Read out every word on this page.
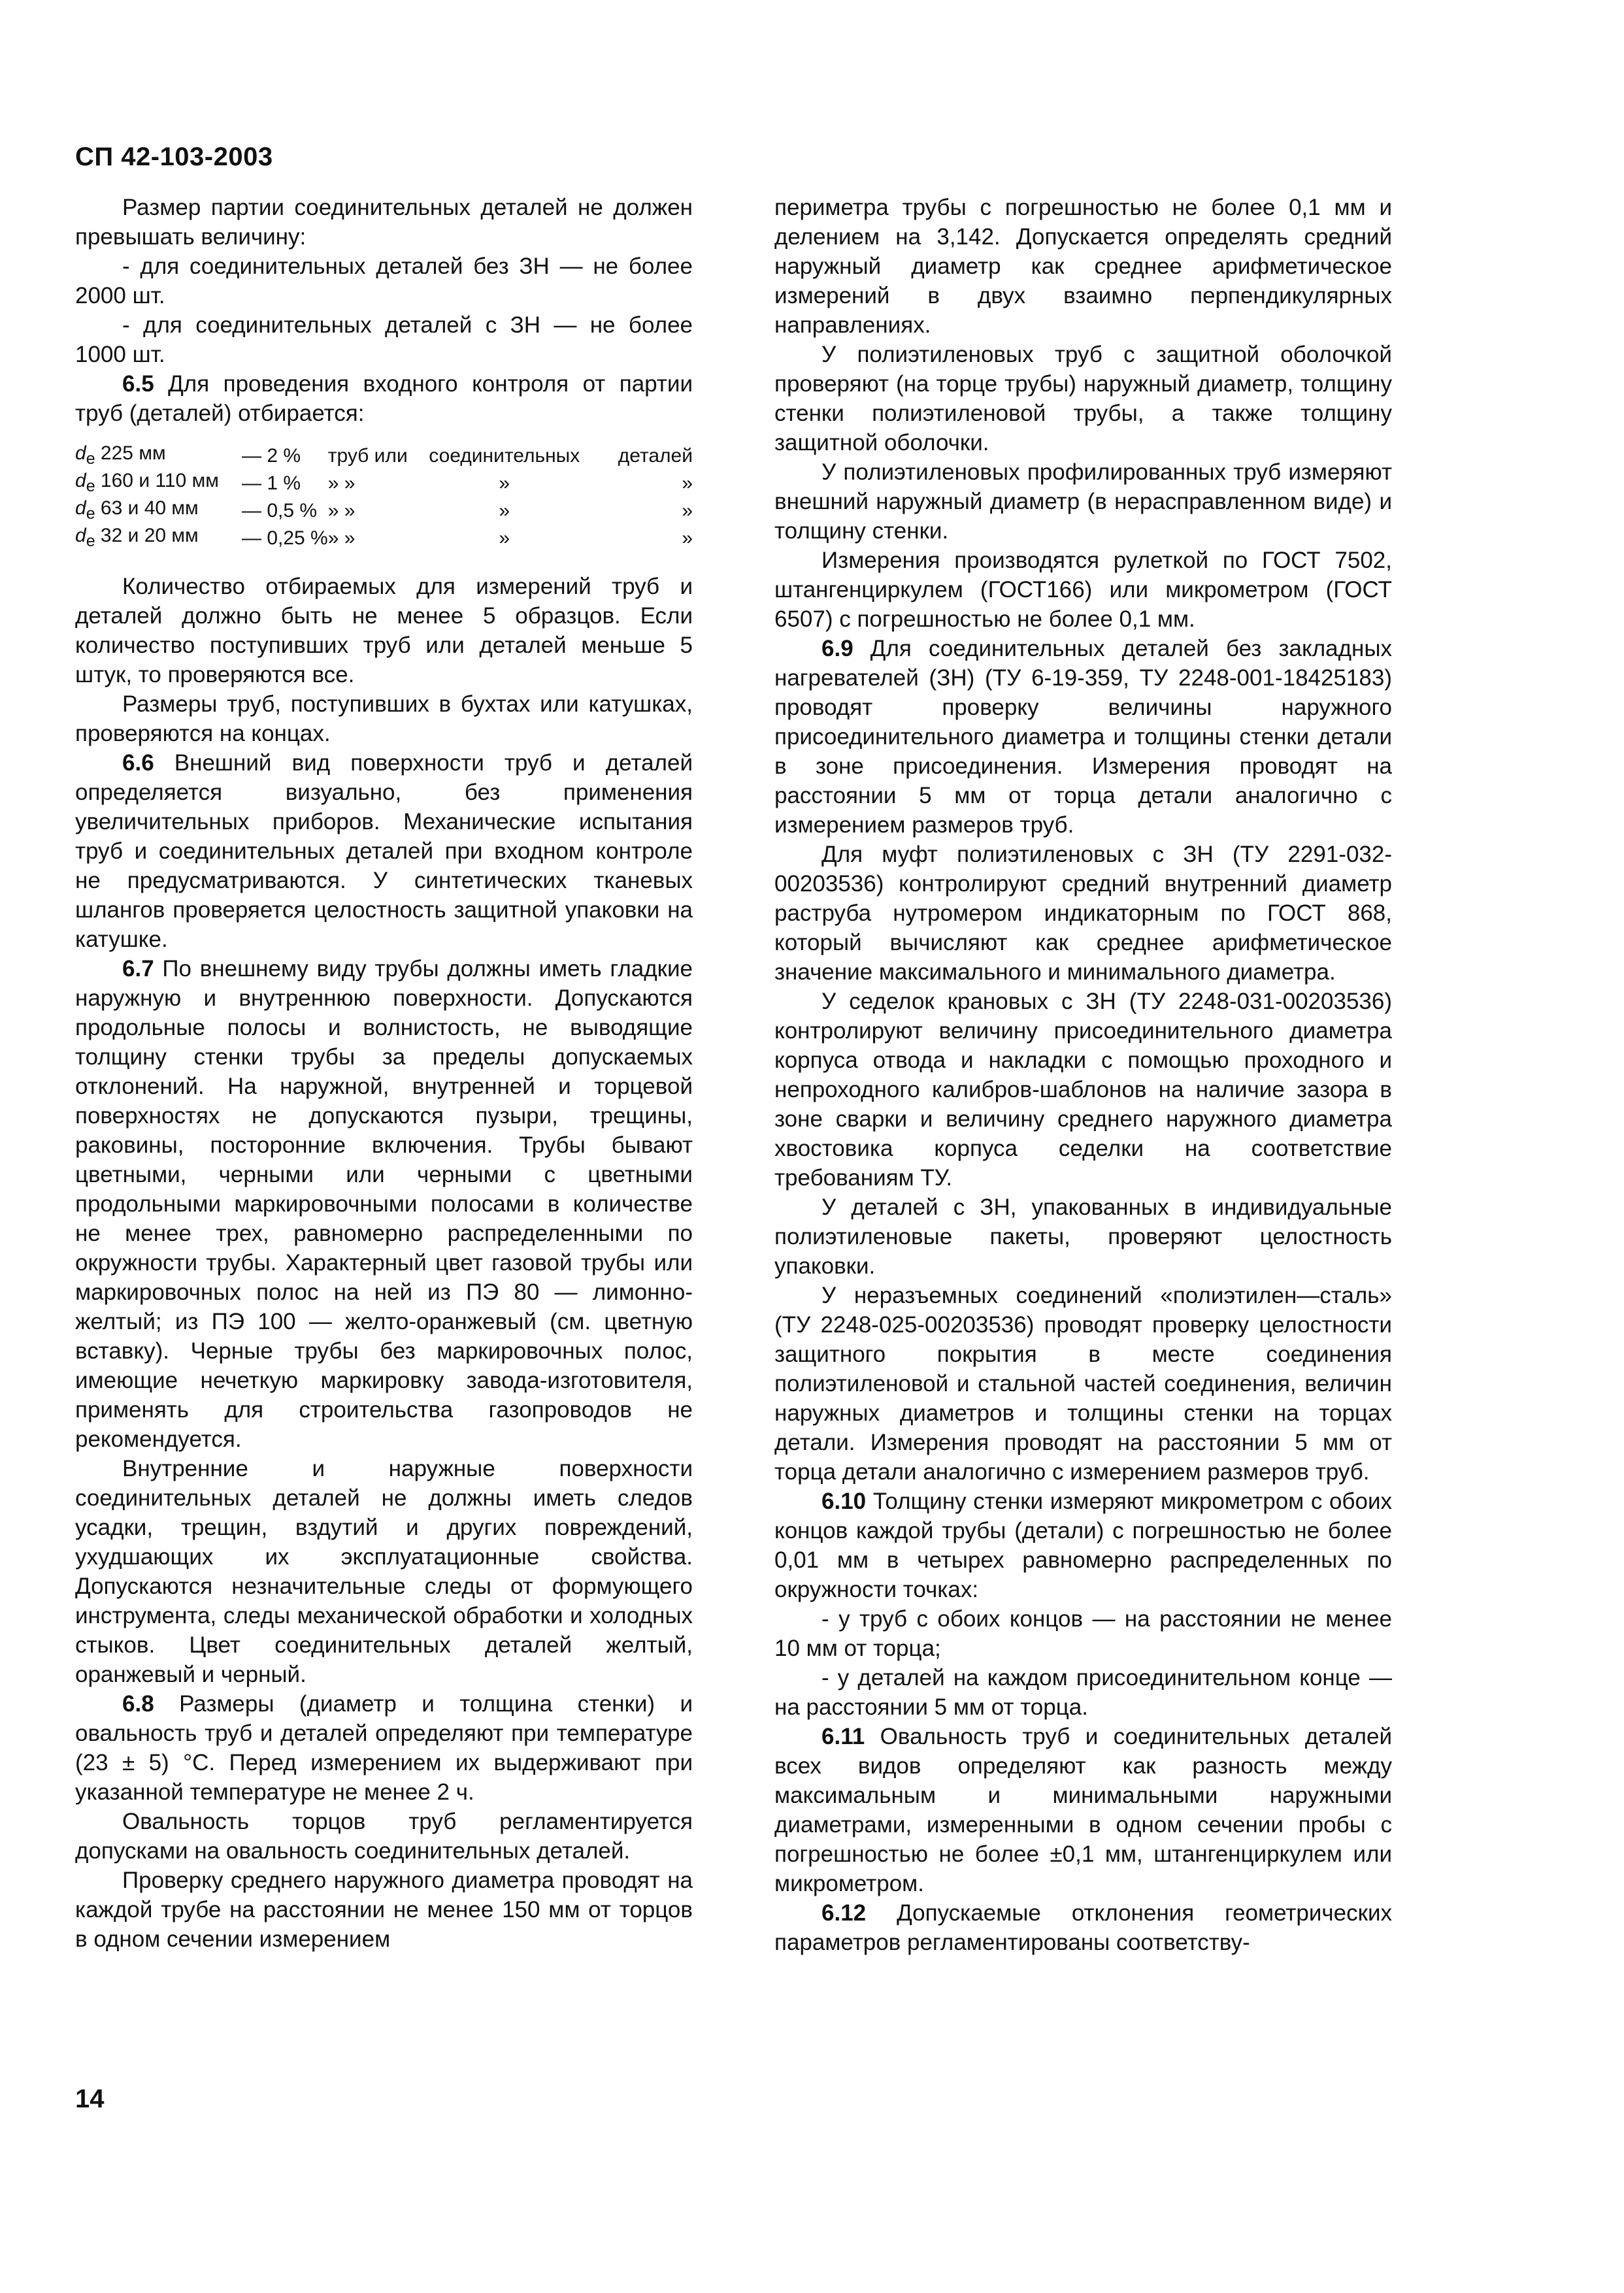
СП 42-103-2003

Размер партии соединительных деталей не должен превышать величину:

- для соединительных деталей без ЗН — не более 2000 шт.

- для соединительных деталей с ЗН — не более 1000 шт.

6.5 Для проведения входного контроля от партии труб (деталей) отбирается:

$d_e$ 225 мм	— 2 %	труб или	соединительных	деталей
$d_e$ 160 и 110 мм	— 1 %	» »	»	»
$d_e$ 63 и 40 мм	— 0,5 %	» »	»	»
$d_e$ 32 и 20 мм	— 0,25 %	» »	»	»

Количество отбираемых для измерений труб и деталей должно быть не менее 5 образцов. Если количество поступивших труб или деталей меньше 5 штук, то проверяются все.

Размеры труб, поступивших в бухтах или катушках, проверяются на концах.

6.6 Внешний вид поверхности труб и деталей определяется визуально, без применения увеличительных приборов. Механические испытания труб и соединительных деталей при входном контроле не предусматриваются. У синтетических тканевых шлангов проверяется целостность защитной упаковки на катушке.

6.7 По внешнему виду трубы должны иметь гладкие наружную и внутреннюю поверхности. Допускаются продольные полосы и волнистость, не выводящие толщину стенки трубы за пределы допускаемых отклонений. На наружной, внутренней и торцевой поверхностях не допускаются пузыри, трещины, раковины, посторонние включения. Трубы бывают цветными, черными или черными с цветными продольными маркировочными полосами в количестве не менее трех, равномерно распределенными по окружности трубы. Характерный цвет газовой трубы или маркировочных полос на ней из ПЭ 80 — лимонно-желтый; из ПЭ 100 — желто-оранжевый (см. цветную вставку). Черные трубы без маркировочных полос, имеющие нечеткую маркировку завода-изготовителя, применять для строительства газопроводов не рекомендуется.

Внутренние и наружные поверхности соединительных деталей не должны иметь следов усадки, трещин, вздутий и других повреждений, ухудшающих их эксплуатационные свойства. Допускаются незначительные следы от формующего инструмента, следы механической обработки и холодных стыков. Цвет соединительных деталей желтый, оранжевый и черный.

6.8 Размеры (диаметр и толщина стенки) и овальность труб и деталей определяют при температуре (23 ± 5) °С. Перед измерением их выдерживают при указанной температуре не менее 2 ч.

Овальность торцов труб регламентируется допусками на овальность соединительных деталей.

Проверку среднего наружного диаметра проводят на каждой трубе на расстоянии не менее 150 мм от торцов в одном сечении измерением

периметра трубы с погрешностью не более 0,1 мм и делением на 3,142. Допускается определять средний наружный диаметр как среднее арифметическое измерений в двух взаимно перпендикулярных направлениях.

У полиэтиленовых труб с защитной оболочкой проверяют (на торце трубы) наружный диаметр, толщину стенки полиэтиленовой трубы, а также толщину защитной оболочки.

У полиэтиленовых профилированных труб измеряют внешний наружный диаметр (в нерасправленном виде) и толщину стенки.

Измерения производятся рулеткой по ГОСТ 7502, штангенциркулем (ГОСТ166) или микрометром (ГОСТ 6507) с погрешностью не более 0,1 мм.

6.9 Для соединительных деталей без закладных нагревателей (ЗН) (ТУ 6-19-359, ТУ 2248-001-18425183) проводят проверку величины наружного присоединительного диаметра и толщины стенки детали в зоне присоединения. Измерения проводят на расстоянии 5 мм от торца детали аналогично с измерением размеров труб.

Для муфт полиэтиленовых с ЗН (ТУ 2291-032-00203536) контролируют средний внутренний диаметр раструба нутромером индикаторным по ГОСТ 868, который вычисляют как среднее арифметическое значение максимального и минимального диаметра.

У седелок крановых с ЗН (ТУ 2248-031-00203536) контролируют величину присоединительного диаметра корпуса отвода и накладки с помощью проходного и непроходного калибров-шаблонов на наличие зазора в зоне сварки и величину среднего наружного диаметра хвостовика корпуса седелки на соответствие требованиям ТУ.

У деталей с ЗН, упакованных в индивидуальные полиэтиленовые пакеты, проверяют целостность упаковки.

У неразъемных соединений «полиэтилен—сталь» (ТУ 2248-025-00203536) проводят проверку целостности защитного покрытия в месте соединения полиэтиленовой и стальной частей соединения, величин наружных диаметров и толщины стенки на торцах детали. Измерения проводят на расстоянии 5 мм от торца детали аналогично с измерением размеров труб.

6.10 Толщину стенки измеряют микрометром с обоих концов каждой трубы (детали) с погрешностью не более 0,01 мм в четырех равномерно распределенных по окружности точках:

- у труб с обоих концов — на расстоянии не менее 10 мм от торца;

- у деталей на каждом присоединительном конце — на расстоянии 5 мм от торца.

6.11 Овальность труб и соединительных деталей всех видов определяют как разность между максимальным и минимальными наружными диаметрами, измеренными в одном сечении пробы с погрешностью не более ±0,1 мм, штангенциркулем или микрометром.

6.12 Допускаемые отклонения геометрических параметров регламентированы соответству-

14
